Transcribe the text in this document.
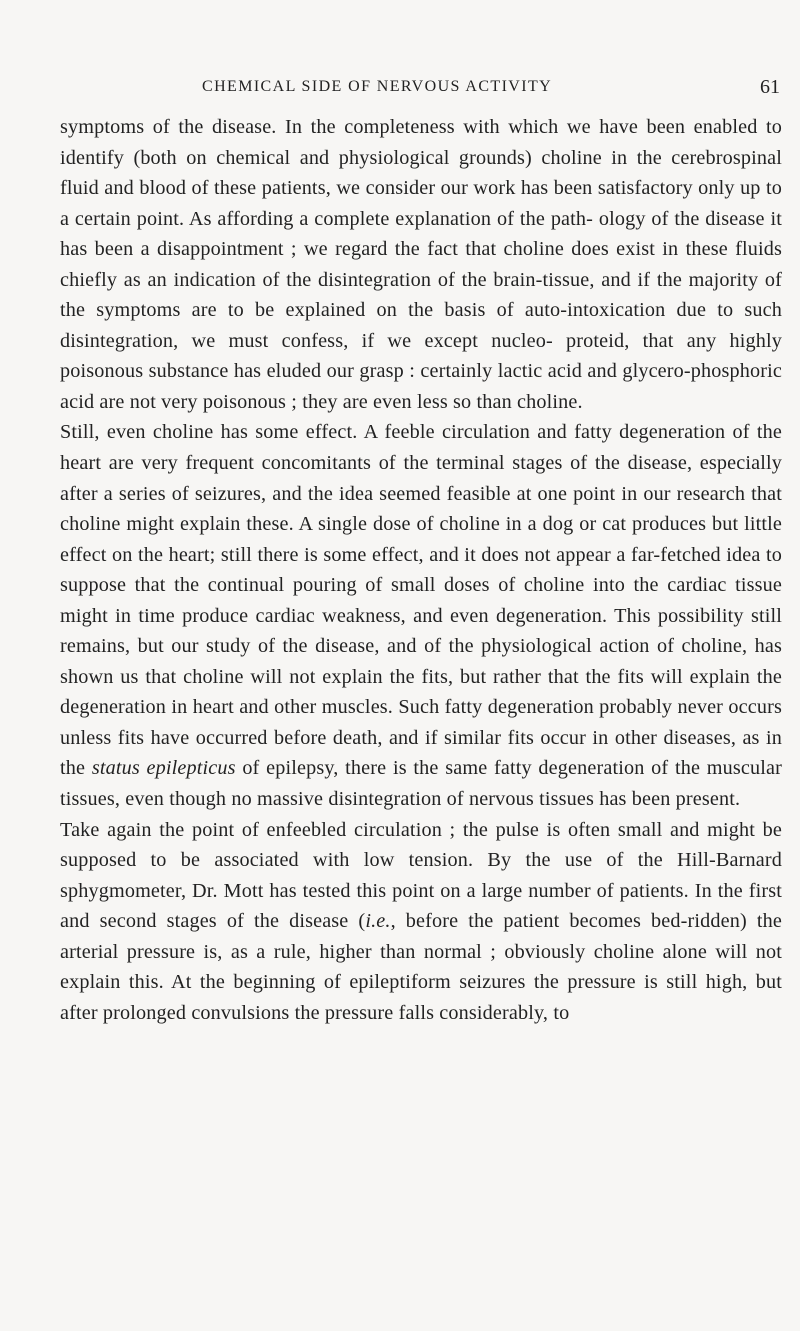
CHEMICAL SIDE OF NERVOUS ACTIVITY	61

symptoms of the disease. In the completeness with which we have been enabled to identify (both on chemical and physiological grounds) choline in the cerebrospinal fluid and blood of these patients, we consider our work has been satisfactory only up to a certain point. As affording a complete explanation of the path- ology of the disease it has been a disappointment ; we regard the fact that choline does exist in these fluids chiefly as an indication of the disintegration of the brain-tissue, and if the majority of the symptoms are to be explained on the basis of auto-intoxication due to such disintegration, we must confess, if we except nucleo- proteid, that any highly poisonous substance has eluded our grasp : certainly lactic acid and glycero-phosphoric acid are not very poisonous ; they are even less so than choline.

Still, even choline has some effect. A feeble circulation and fatty degeneration of the heart are very frequent concomitants of the terminal stages of the disease, especially after a series of seizures, and the idea seemed feasible at one point in our research that choline might explain these. A single dose of choline in a dog or cat produces but little effect on the heart; still there is some effect, and it does not appear a far-fetched idea to suppose that the continual pouring of small doses of choline into the cardiac tissue might in time produce cardiac weakness, and even degeneration. This possibility still remains, but our study of the disease, and of the physiological action of choline, has shown us that choline will not explain the fits, but rather that the fits will explain the degeneration in heart and other muscles. Such fatty degeneration probably never occurs unless fits have occurred before death, and if similar fits occur in other diseases, as in the status epilepticus of epilepsy, there is the same fatty degeneration of the muscular tissues, even though no massive disintegration of nervous tissues has been present.

Take again the point of enfeebled circulation ; the pulse is often small and might be supposed to be associated with low tension. By the use of the Hill-Barnard sphygmometer, Dr. Mott has tested this point on a large number of patients. In the first and second stages of the disease (i.e., before the patient becomes bed-ridden) the arterial pressure is, as a rule, higher than normal ; obviously choline alone will not explain this. At the beginning of epileptiform seizures the pressure is still high, but after prolonged convulsions the pressure falls considerably, to
